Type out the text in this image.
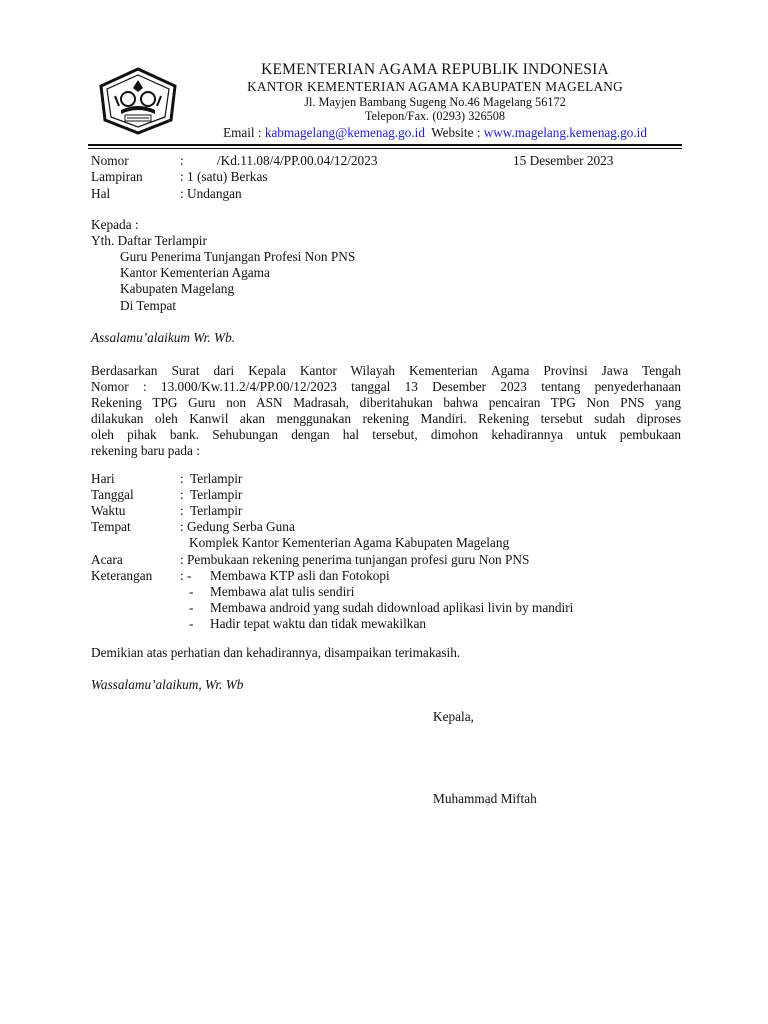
KEMENTERIAN AGAMA REPUBLIK INDONESIA
KANTOR KEMENTERIAN AGAMA KABUPATEN MAGELANG
Jl. Mayjen Bambang Sugeng No.46 Magelang 56172
Telepon/Fax. (0293) 326508
Email : kabmagelang@kemenag.go.id  Website : www.magelang.kemenag.go.id
Nomor	:          /Kd.11.08/4/PP.00.04/12/2023	15 Desember 2023
Lampiran	: 1 (satu) Berkas
Hal	: Undangan
Kepada :
Yth. Daftar Terlampir
Guru Penerima Tunjangan Profesi Non PNS
Kantor Kementerian Agama
Kabupaten Magelang
Di Tempat
Assalamu’alaikum Wr. Wb.
Berdasarkan Surat dari Kepala Kantor Wilayah Kementerian Agama Provinsi Jawa Tengah
Nomor : 13.000/Kw.11.2/4/PP.00/12/2023 tanggal 13 Desember 2023 tentang penyederhanaan
Rekening TPG Guru non ASN Madrasah, diberitahukan bahwa pencairan TPG Non PNS yang
dilakukan oleh Kanwil akan menggunakan rekening Mandiri. Rekening tersebut sudah diproses
oleh pihak bank. Sehubungan dengan hal tersebut, dimohon kehadirannya untuk pembukaan
rekening baru pada :
Hari	:  Terlampir
Tanggal	:  Terlampir
Waktu	:  Terlampir
Tempat	: Gedung Serba Guna
Komplek Kantor Kementerian Agama Kabupaten Magelang
Acara	: Pembukaan rekening penerima tunjangan profesi guru Non PNS
Keterangan : - Membawa KTP asli dan Fotokopi
- Membawa alat tulis sendiri
- Membawa android yang sudah didownload aplikasi livin by mandiri
- Hadir tepat waktu dan tidak mewakilkan
Demikian atas perhatian dan kehadirannya, disampaikan terimakasih.
Wassalamu’alaikum, Wr. Wb
Kepala,
Muhammad Miftah
